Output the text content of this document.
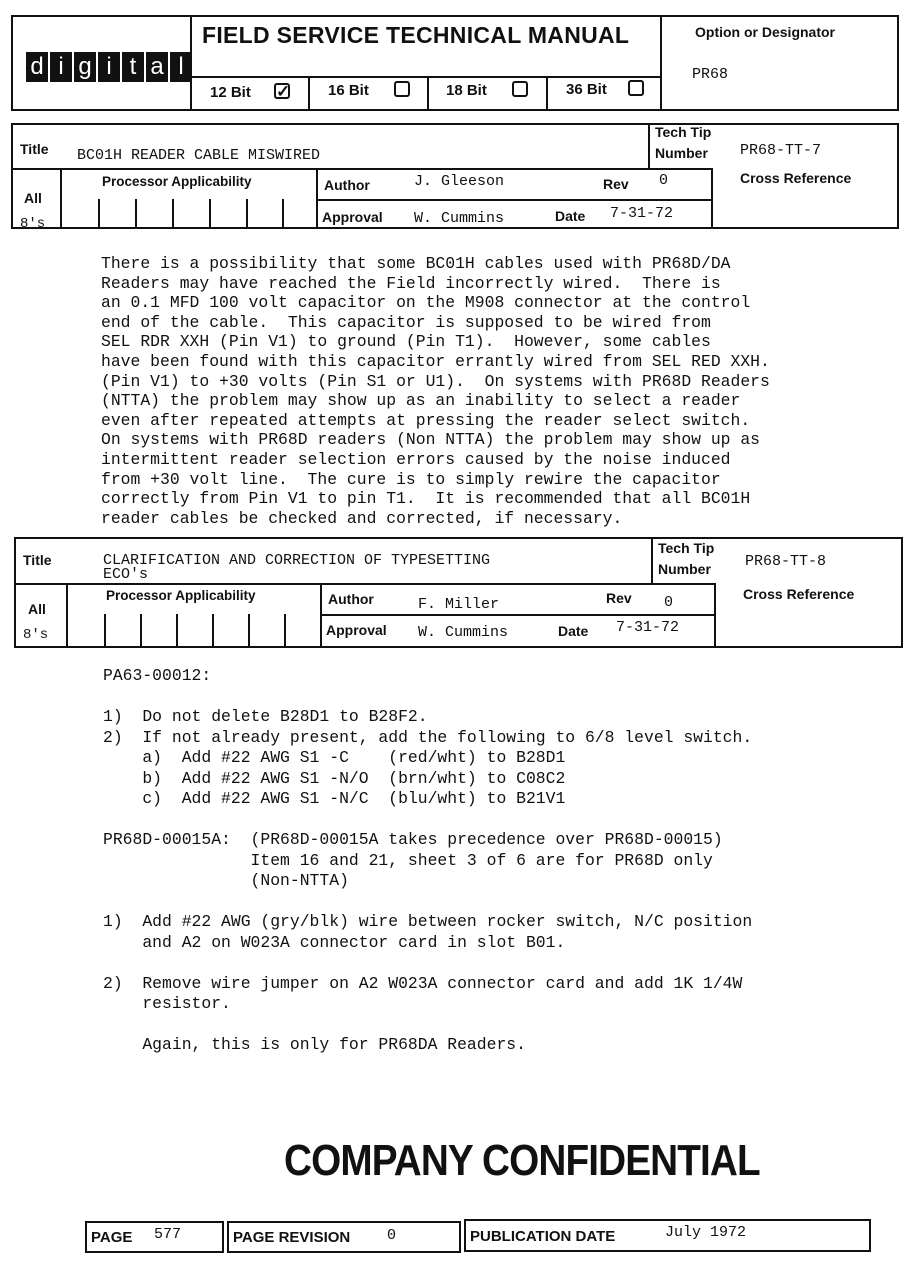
d i g i t a l
FIELD SERVICE TECHNICAL MANUAL
12 Bit ✓	16 Bit	18 Bit	36 Bit
Option or Designator
PR68
Title BC01H READER CABLE MISWIRED
Tech Tip
Number PR68-TT-7
All
8's
Processor Applicability	Author	J. Gleeson	Rev 0	Cross Reference
Approval W. Cummins	Date 7-31-72
There is a possibility that some BC01H cables used with PR68D/DA
Readers may have reached the Field incorrectly wired.  There is
an 0.1 MFD 100 volt capacitor on the M908 connector at the control
end of the cable.  This capacitor is supposed to be wired from
SEL RDR XXH (Pin V1) to ground (Pin T1).  However, some cables
have been found with this capacitor errantly wired from SEL RED XXH.
(Pin V1) to +30 volts (Pin S1 or U1).  On systems with PR68D Readers
(NTTA) the problem may show up as an inability to select a reader
even after repeated attempts at pressing the reader select switch.
On systems with PR68D readers (Non NTTA) the problem may show up as
intermittent reader selection errors caused by the noise induced
from +30 volt line.  The cure is to simply rewire the capacitor
correctly from Pin V1 to pin T1.  It is recommended that all BC01H
reader cables be checked and corrected, if necessary.
Title	CLARIFICATION AND CORRECTION OF TYPESETTING
ECO's
Tech Tip
Number PR68-TT-8
All
8's
Processor Applicability	Author	F. Miller	Rev 0	Cross Reference
Approval W. Cummins	Date 7-31-72
PA63-00012:

1)  Do not delete B28D1 to B28F2.
2)  If not already present, add the following to 6/8 level switch.
a)  Add #22 AWG S1 -C    (red/wht) to B28D1
b)  Add #22 AWG S1 -N/O  (brn/wht) to C08C2
c)  Add #22 AWG S1 -N/C  (blu/wht) to B21V1

PR68D-00015A:  (PR68D-00015A takes precedence over PR68D-00015)
Item 16 and 21, sheet 3 of 6 are for PR68D only
(Non-NTTA)

1)  Add #22 AWG (gry/blk) wire between rocker switch, N/C position
and A2 on W023A connector card in slot B01.

2)  Remove wire jumper on A2 W023A connector card and add 1K 1/4W
resistor.

Again, this is only for PR68DA Readers.
COMPANY CONFIDENTIAL
PAGE 577	PAGE REVISION 0	PUBLICATION DATE	July 1972
